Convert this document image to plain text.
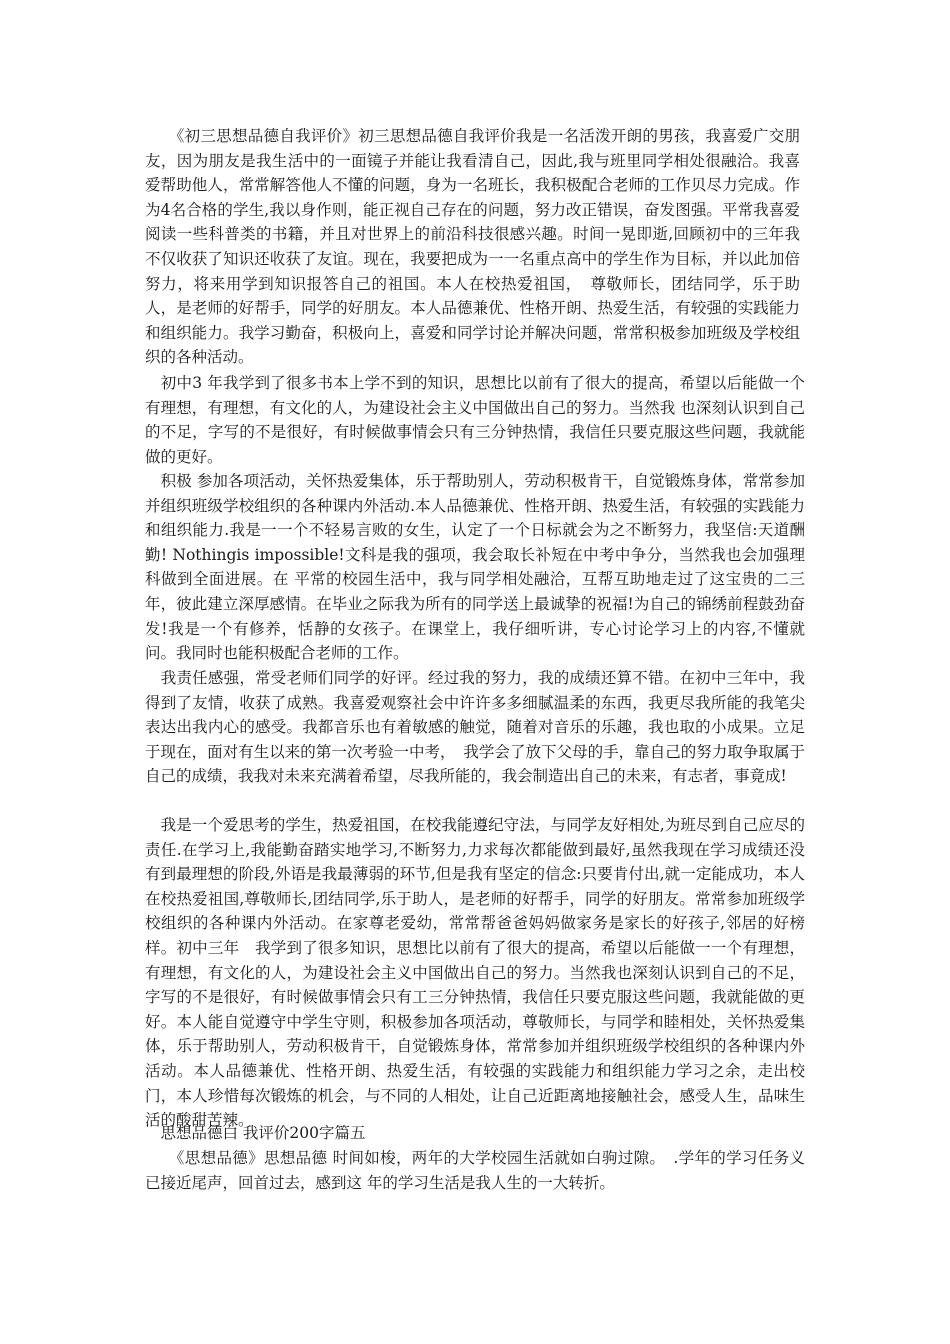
　　《初三思想品德自我评价》初三思想品德自我评价我是一名活泼开朗的男孩，我喜爱广交朋友，因为朋友是我生活中的一面镜子并能让我看清自己，因此,我与班里同学相处很融洽。我喜爱帮助他人，常常解答他人不懂的问题，身为一名班长，我积极配合老师的工作贝尽力完成。作为4名合格的学生,我以身作则，能正视自己存在的问题，努力改正错误，奋发图强。平常我喜爱阅读一些科普类的书籍，并且对世界上的前沿科技很感兴趣。时间一晃即逝,回顾初中的三年我不仅收获了知识还收获了友谊。现在，我要把成为一一名重点高中的学生作为目标，并以此加倍努力，将来用学到知识报答自己的祖国。本人在校热爱祖国，　尊敬师长，团结同学，乐于助人，是老师的好帮手，同学的好朋友。本人品德兼优、性格开朗、热爱生活，有较强的实践能力和组织能力。我学习勤奋，积极向上，喜爱和同学讨论并解决问题，常常积极参加班级及学校组织的各种活动。

　初中3 年我学到了很多书本上学不到的知识，思想比以前有了很大的提高，希望以后能做一个有理想，有理想，有文化的人，为建设社会主义中国做出自己的努力。当然我 也深刻认识到自己的不足，字写的不是很好，有时候做事情会只有三分钟热情，我信任只要克服这些问题，我就能做的更好。

　积极 参加各项活动，关怀热爱集体，乐于帮助别人，劳动积极肯干，自觉锻炼身体，常常参加并组织班级学校组织的各种课内外活动.本人品德兼优、性格开朗、热爱生活，有较强的实践能力和组织能力.我是一一个不轻易言败的女生，认定了一个日标就会为之不断努力，我坚信:天道酬勤! Nothingis impossible!文科是我的强项，我会取长补短在中考中争分，当然我也会加强理科做到全面进展。在 平常的校园生活中，我与同学相处融洽，互帮互助地走过了这宝贵的二三年，彼此建立深厚感情。在毕业之际我为所有的同学送上最诚挚的祝福!为自己的锦绣前程鼓劲奋发!我是一个有修养，恬静的女孩子。在课堂上，我仔细听讲，专心讨论学习上的内容,不懂就问。我同时也能积极配合老师的工作。

　我责任感强，常受老师们同学的好评。经过我的努力，我的成绩还算不错。在初中三年中，我得到了友情，收获了成熟。我喜爱观察社会中许许多多细腻温柔的东西，我更尽我所能的我笔尖表达出我内心的感受。我都音乐也有着敏感的触觉，随着对音乐的乐趣，我也取的小成果。立足于现在，面对有生以来的第一次考验一中考，　我学会了放下父母的手，靠自己的努力取争取属于自己的成绩，我我对未来充满着希望，尽我所能的，我会制造出自己的未来，有志者，事竟成!

　我是一个爱思考的学生，热爱祖国，在校我能遵纪守法，与同学友好相处,为班尽到自己应尽的责任.在学习上,我能勤奋踏实地学习,不断努力,力求每次都能做到最好,虽然我现在学习成绩还没有到最理想的阶段,外语是我最薄弱的环节,但是我有坚定的信念:只要肯付出,就一定能成功，本人在校热爱祖国,尊敬师长,团结同学,乐于助人，是老师的好帮手，同学的好朋友。常常参加班级学校组织的各种课内外活动。在家尊老爱幼，常常帮爸爸妈妈做家务是家长的好孩子,邻居的好榜样。初中三年　我学到了很多知识，思想比以前有了很大的提高，希望以后能做一一个有理想，有理想，有文化的人，为建设社会主义中国做出自己的努力。当然我也深刻认识到自己的不足，字写的不是很好，有时候做事情会只有工三分钟热情，我信任只要克服这些问题，我就能做的更好。本人能自觉遵守中学生守则，积极参加各项活动，尊敬师长，与同学和睦相处，关怀热爱集体，乐于帮助别人，劳动积极肯干，自觉锻炼身体，常常参加并组织班级学校组织的各种课内外活动。本人品德兼优、性格开朗、热爱生活，有较强的实践能力和组织能力学习之余，走出校门，本人珍惜每次锻炼的机会，与不同的人相处，让自己近距离地接触社会，感受人生，品味生活的酸甜苦辣。

　思想品德白 我评价200字篇五

　　《思想品德》思想品德 时间如梭，两年的大学校园生活就如白驹过隙。　.学年的学习任务义已接近尾声，回首过去，感到这 年的学习生活是我人生的一大转折。
